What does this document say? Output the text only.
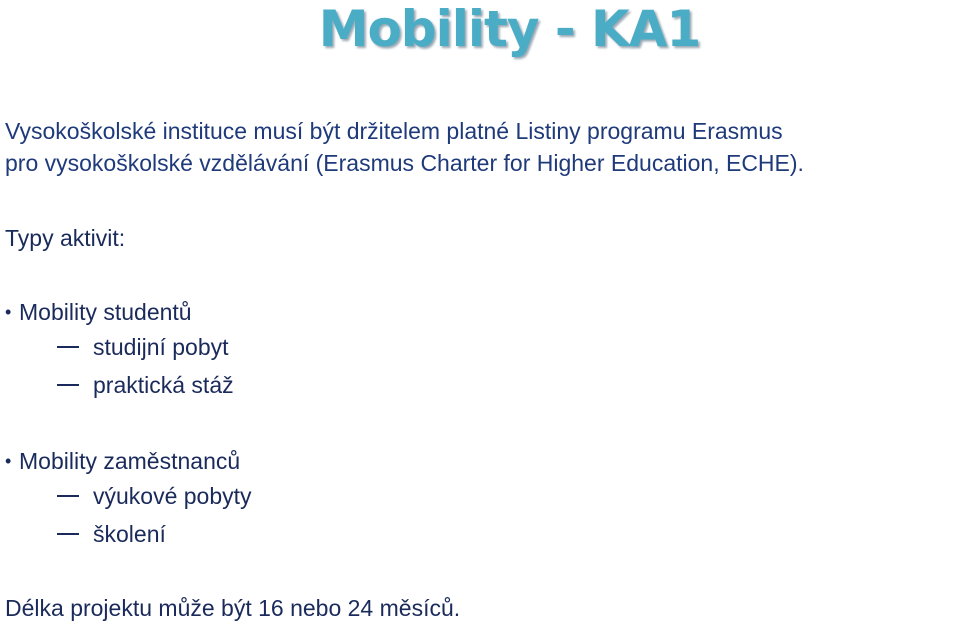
Mobility - KA1

Vysokoškolské instituce musí být držitelem platné Listiny programu Erasmus

pro vysokoškolské vzdělávání (Erasmus Charter for Higher Education, ECHE).

Typy aktivit:
• Mobility studentů
studijní pobyt
praktická stáž
• Mobility zaměstnanců
výukové pobyty
školení
Délka projektu může být 16 nebo 24 měsíců.
